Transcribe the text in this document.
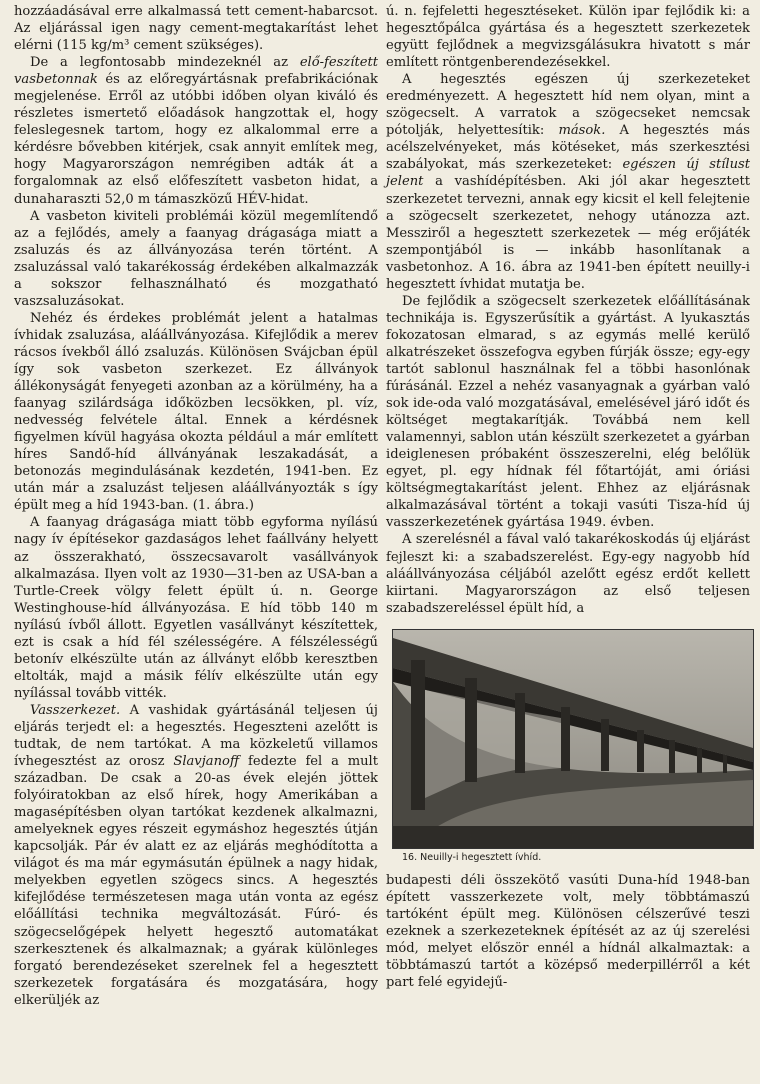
hozzáadásával erre alkalmassá tett cement-habarcsot. Az eljárással igen nagy cement-megtakarítást lehet elérni (115 kg/m³ cement szükséges).

De a legfontosabb mindezeknél az elő-feszített vasbetonnak és az előregyártásnak prefabrikációnak megjelenése. Erről az utóbbi időben olyan kiváló és részletes ismertető előadások hangzottak el, hogy feleslegesnek tartom, hogy ez alkalommal erre a kérdésre bővebben kitérjek, csak annyit említek meg, hogy Magyarországon nemrégiben adták át a forgalomnak az első előfeszített vasbeton hidat, a dunaharaszti 52,0 m támaszközű HÉV-hidat.

A vasbeton kiviteli problémái közül megemlítendő az a fejlődés, amely a faanyag drágasága miatt a zsaluzás és az állványozása terén történt. A zsaluzással való takarékosság érdekében alkalmazzák a sokszor felhasználható és mozgatható vaszsaluzásokat.

Nehéz és érdekes problémát jelent a hatalmas ívhidak zsaluzása, aláállványozása. Kifejlődik a merev rácsos ívekből álló zsaluzás. Különösen Svájcban épül így sok vasbeton szerkezet. Ez állványok állékonyságát fenyegeti azonban az a körülmény, ha a faanyag szilárdsága időközben lecsökken, pl. víz, nedvesség felvétele által. Ennek a kérdésnek figyelmen kívül hagyása okozta például a már említett híres Sandő-híd állványának leszakadását, a betonozás megindulásának kezdetén, 1941-ben. Ez után már a zsaluzást teljesen aláállványozták s így épült meg a híd 1943-ban. (1. ábra.)

A faanyag drágasága miatt több egyforma nyílású nagy ív építésekor gazdaságos lehet faállvány helyett az összerakható, összecsavarolt vasállványok alkalmazása. Ilyen volt az 1930—31-ben az USA-ban a Turtle-Creek völgy felett épült ú. n. George Westinghouse-híd állványozása. E híd több 140 m nyílású ívből állott. Egyetlen vasállványt készítettek, ezt is csak a híd fél szélességére. A félszélességű betonív elkészülte után az állványt előbb keresztben eltolták, majd a másik félív elkészülte után egy nyílással tovább vitték.

Vasszerkezet. A vashidak gyártásánál teljesen új eljárás terjedt el: a hegesztés. Hegeszteni azelőtt is tudtak, de nem tartókat. A ma közkeletű villamos ívhegesztést az orosz Slavjanoff fedezte fel a mult században. De csak a 20-as évek elején jöttek folyóiratokban az első hírek, hogy Amerikában a magasépítésben olyan tartókat kezdenek alkalmazni, amelyeknek egyes részeit egymáshoz hegesztés útján kapcsolják. Pár év alatt ez az eljárás meghódította a világot és ma már egymásután épülnek a nagy hidak, melyekben egyetlen szögecs sincs. A hegesztés kifejlődése természetesen maga után vonta az egész előállítási technika megváltozását. Fúró- és szögecselőgépek helyett hegesztő automatákat szerkesztenek és alkalmaznak; a gyárak különleges forgató berendezéseket szerelnek fel a hegesztett szerkezetek forgatására és mozgatására, hogy elkerüljék az

ú. n. fejfeletti hegesztéseket. Külön ipar fejlődik ki: a hegesztőpálca gyártása és a hegesztett szerkezetek együtt fejlődnek a megvizsgálásukra hivatott s már említett röntgenberendezésekkel.

A hegesztés egészen új szerkezeteket eredményezett. A hegesztett híd nem olyan, mint a szögecselt. A varratok a szögecseket nemcsak pótolják, helyettesítik: mások. A hegesztés más acélszelvényeket, más kötéseket, más szerkesztési szabályokat, más szerkezeteket: egészen új stílust jelent a vashídépítésben. Aki jól akar hegesztett szerkezetet tervezni, annak egy kicsit el kell felejtenie a szögecselt szerkezetet, nehogy utánozza azt. Messziről a hegesztett szerkezetek — még erőjáték szempontjából is — inkább hasonlítanak a vasbetonhoz. A 16. ábra az 1941-ben épített neuilly-i hegesztett ívhidat mutatja be.

De fejlődik a szögecselt szerkezetek előállításának technikája is. Egyszerűsítik a gyártást. A lyukasztás fokozatosan elmarad, s az egymás mellé kerülő alkatrészeket összefogva egyben fúrják össze; egy-egy tartót sablonul használnak fel a többi hasonlónak fúrásánál. Ezzel a nehéz vasanyagnak a gyárban való sok ide-oda való mozgatásával, emelésével járó időt és költséget megtakarítják. Továbbá nem kell valamennyi, sablon után készült szerkezetet a gyárban ideiglenesen próbaként összeszerelni, elég belőlük egyet, pl. egy hídnak fél főtartóját, ami óriási költségmegtakarítást jelent. Ehhez az eljárásnak alkalmazásával történt a tokaji vasúti Tisza-híd új vasszerkezetének gyártása 1949. évben.

A szerelésnél a fával való takarékoskodás új eljárást fejleszt ki: a szabadszerelést. Egy-egy nagyobb híd aláállványozása céljából azelőtt egész erdőt kellett kiirtani. Magyarországon az első teljesen szabadszereléssel épült híd, a

16. Neuilly-i hegesztett ívhíd.

budapesti déli összekötő vasúti Duna-híd 1948-ban épített vasszerkezete volt, mely többtámaszú tartóként épült meg. Különösen célszerűvé teszi ezeknek a szerkezeteknek építését az az új szerelési mód, melyet először ennél a hídnál alkalmaztak: a többtámaszú tartót a középső mederpillérről a két part felé egyidejű-
